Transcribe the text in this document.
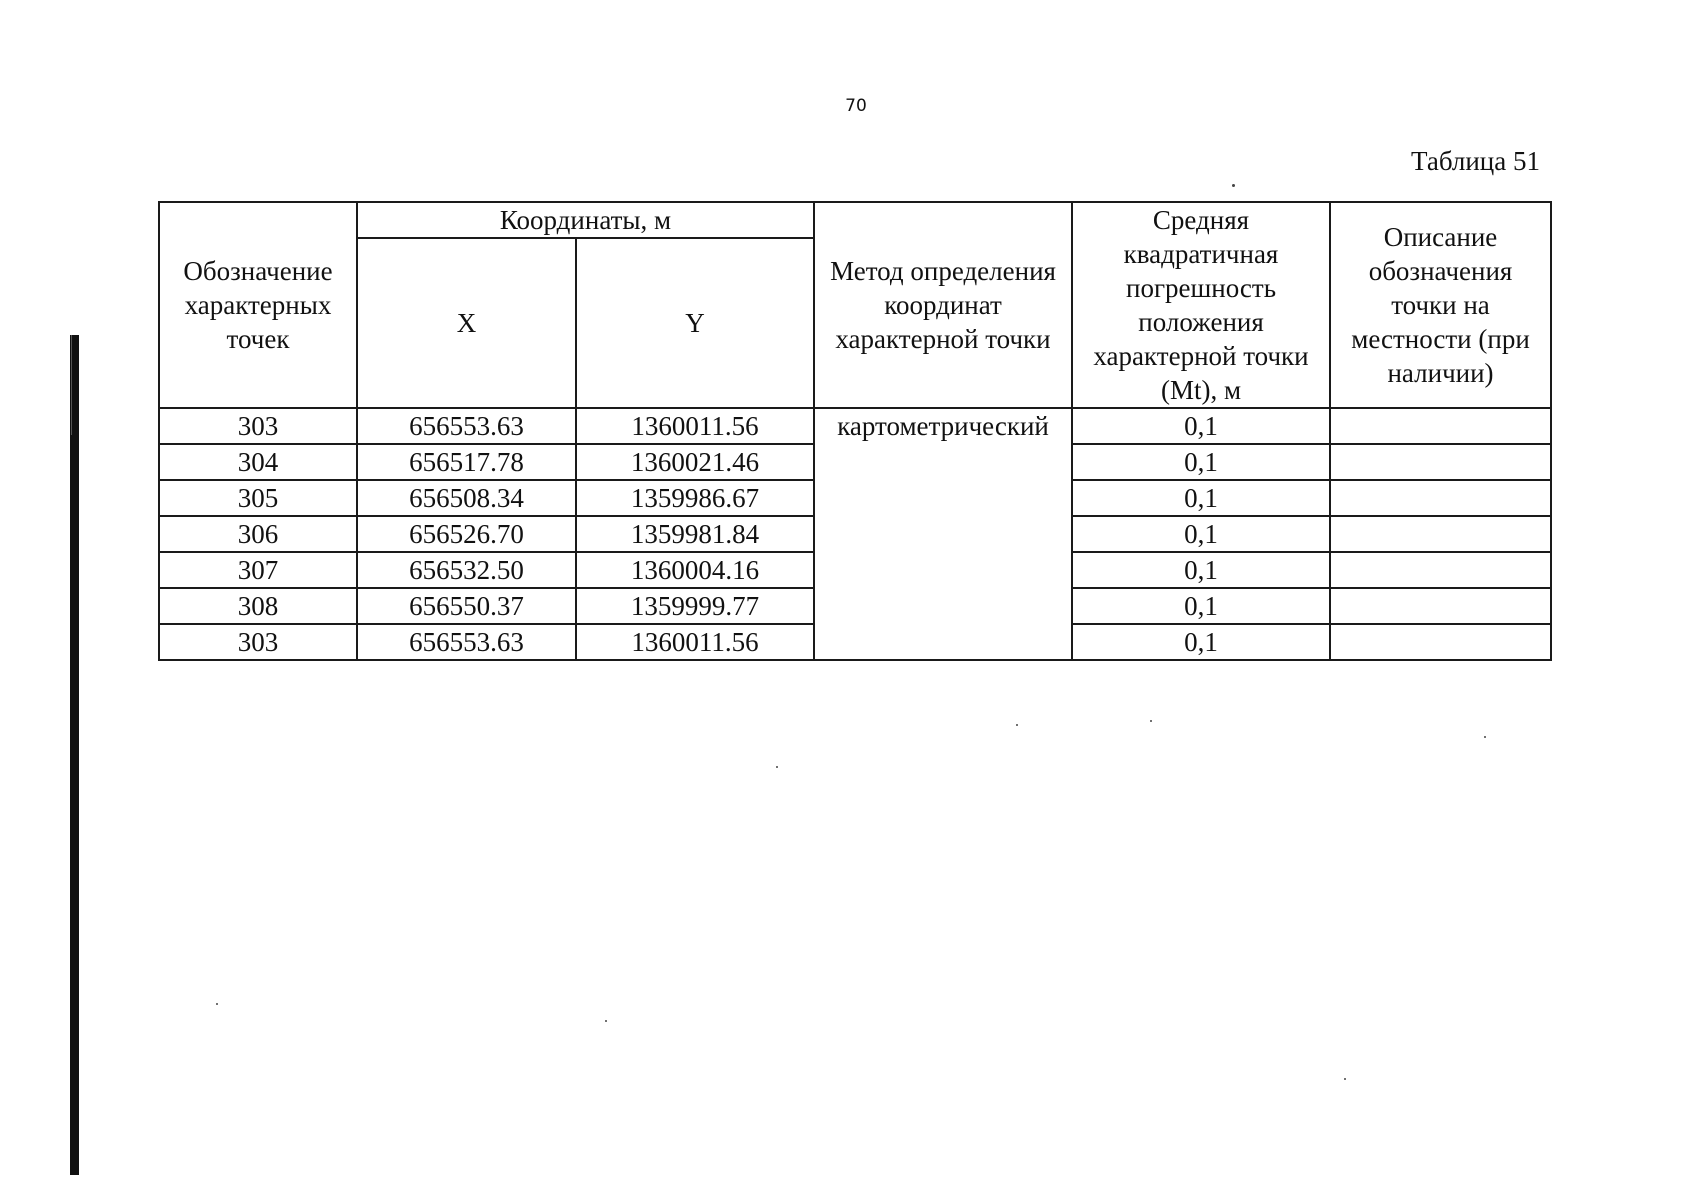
70
Таблица 51
Обозначение характерных точек	Координаты, м		Метод определения координат характерной точки	Средняя квадратичная погрешность положения характерной точки (Mt), м	Описание обозначения точки на местности (при наличии)
	X	Y			
303	656553.63	1360011.56	картометрический	0,1	
304	656517.78	1360021.46		0,1	
305	656508.34	1359986.67		0,1	
306	656526.70	1359981.84		0,1	
307	656532.50	1360004.16		0,1	
308	656550.37	1359999.77		0,1	
303	656553.63	1360011.56		0,1	
